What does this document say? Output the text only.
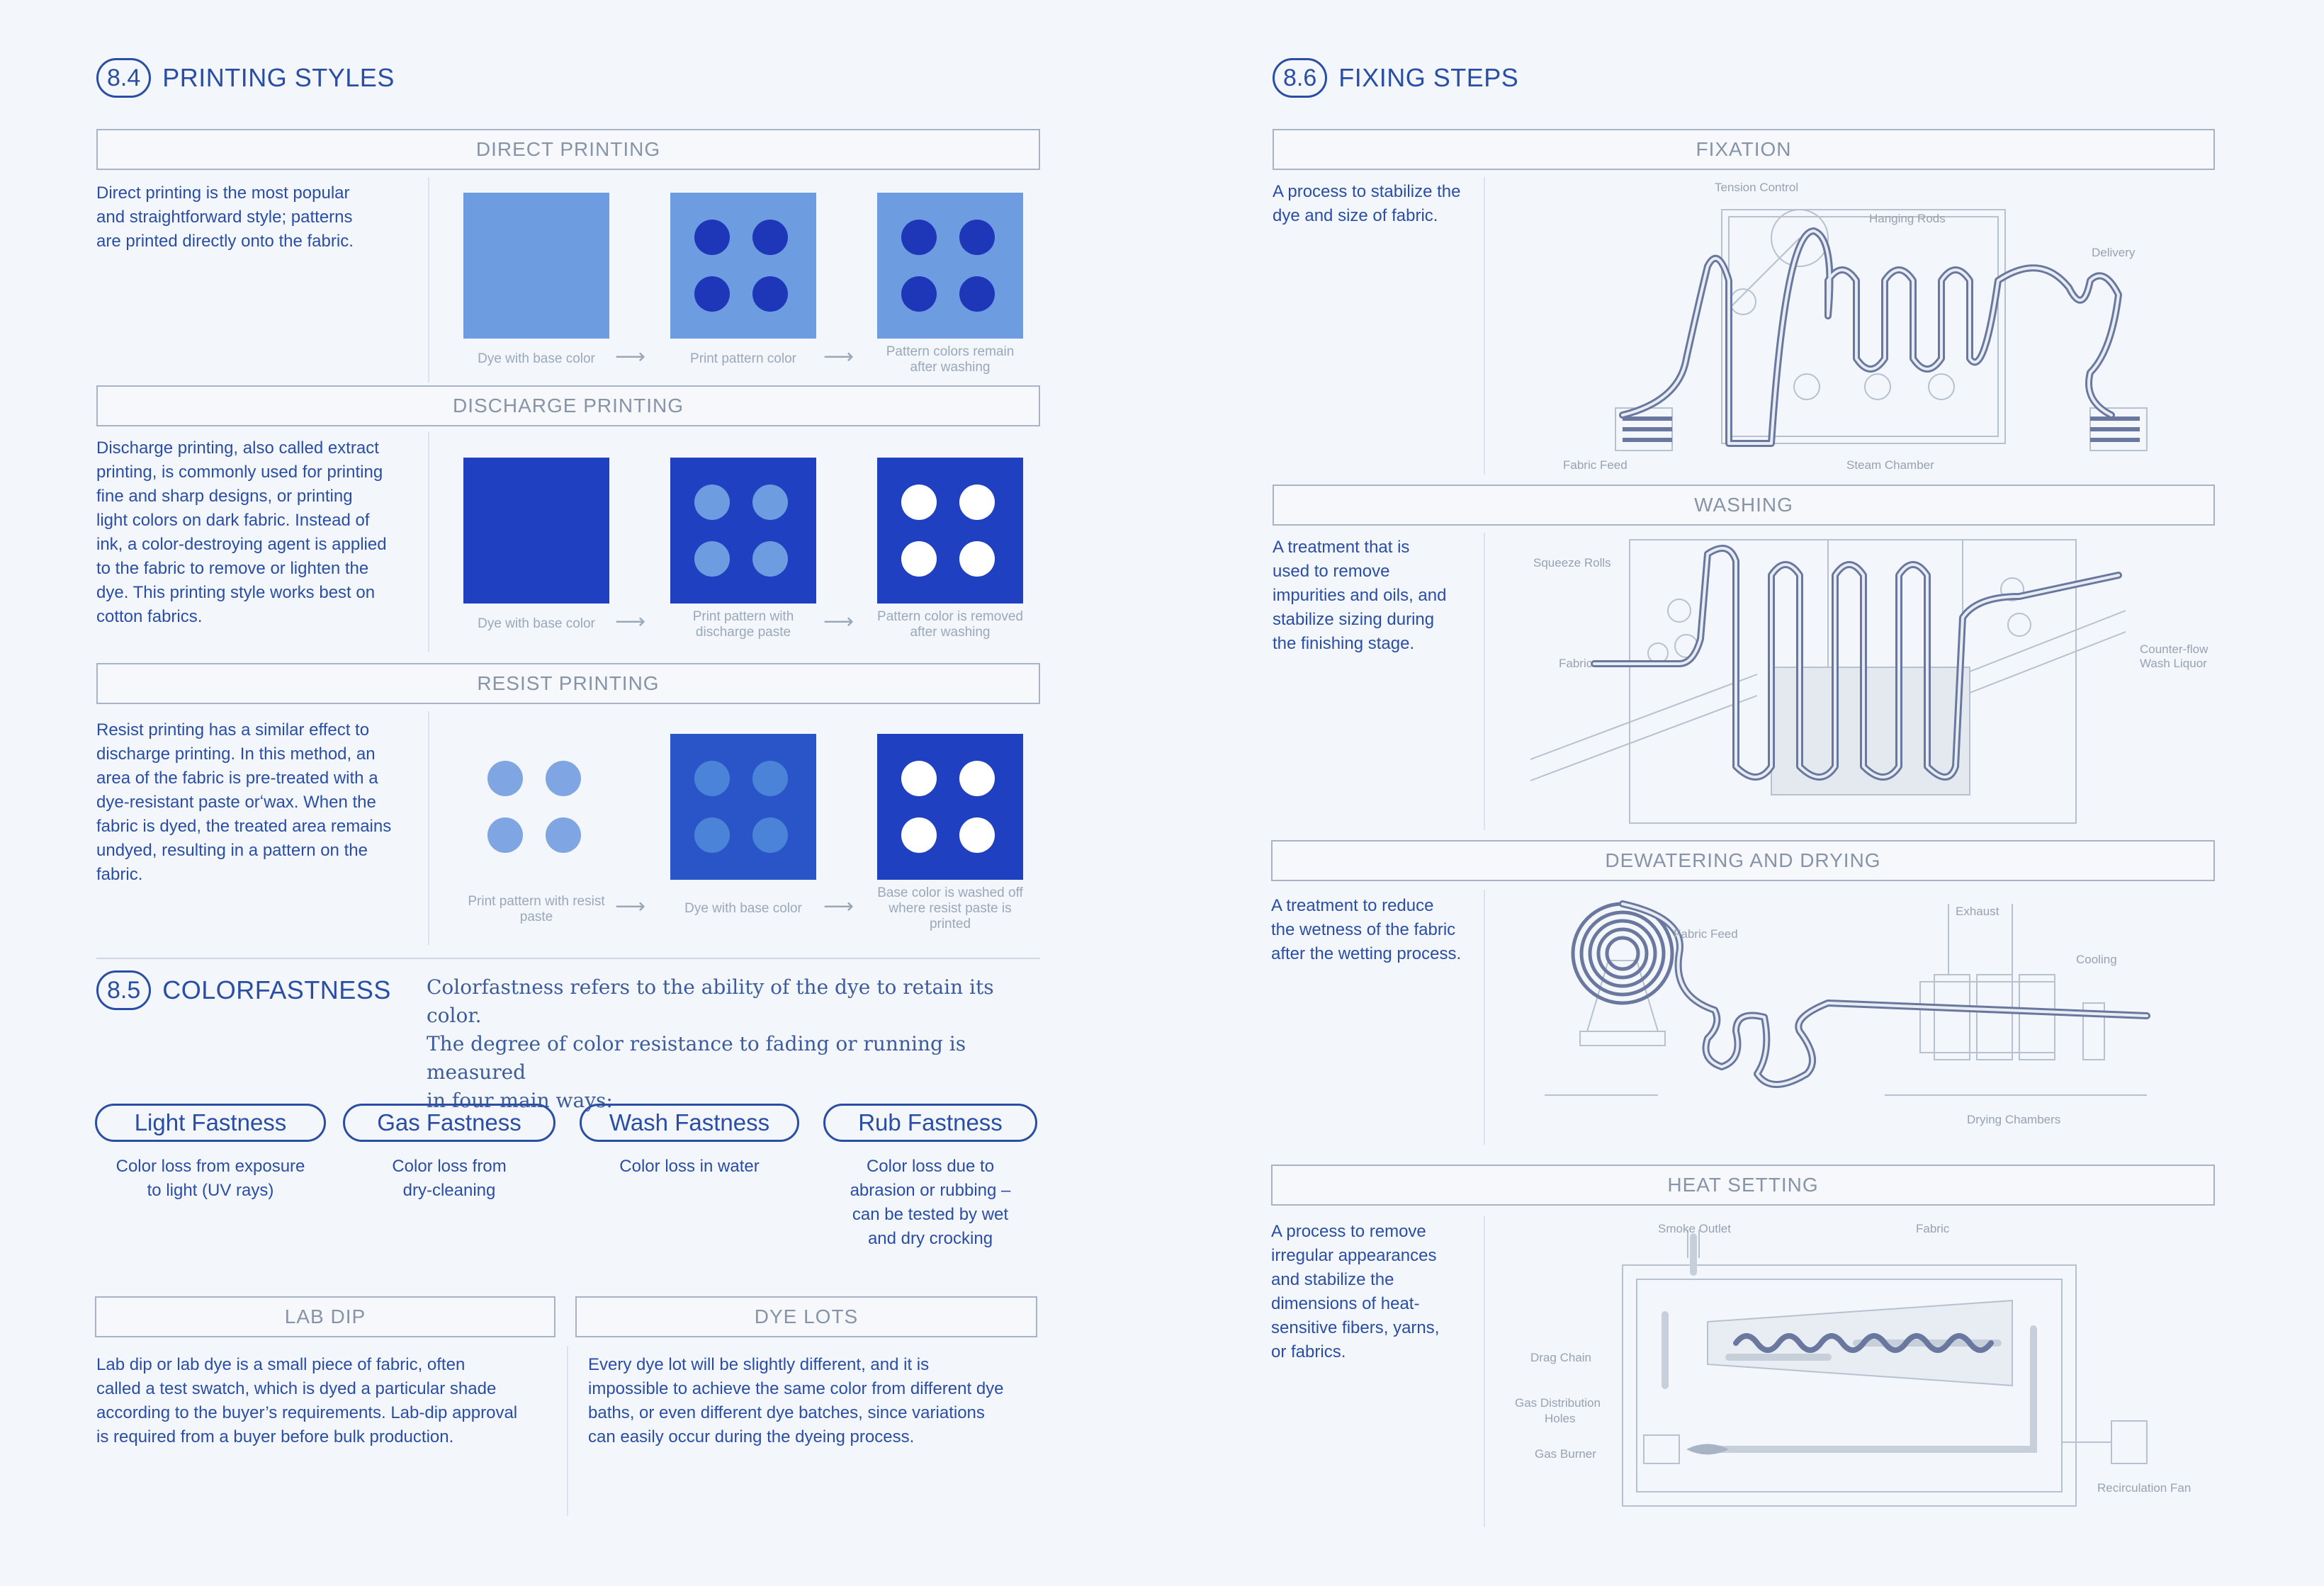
8.4 PRINTING STYLES
DIRECT PRINTING
Direct printing is the most popular
and straightforward style; patterns
are printed directly onto the fabric.
Dye with base color ⟶	Print pattern color	⟶	Pattern colors remain after washing
DISCHARGE PRINTING
Discharge printing, also called extract
printing, is commonly used for printing
fine and sharp designs, or printing
light colors on dark fabric. Instead of
ink, a color-destroying agent is applied
to the fabric to remove or lighten the
dye. This printing style works best on
cotton fabrics.	Dye with base color ⟶	Print pattern with discharge paste	⟶ Pattern color is removed after washing
RESIST PRINTING
Resist printing has a similar effect to
discharge printing. In this method, an
area of the fabric is pre-treated with a
dye-resistant paste orʻwax. When the
fabric is dyed, the treated area remains
undyed, resulting in a pattern on the
fabric.
Print pattern with resist paste	⟶	Dye with base color	⟶
Base color is washed off where resist paste is printed
8.5 COLORFASTNESS Colorfastness refers to the ability of the dye to retain its color.
The degree of color resistance to fading or running is measured
in four main ways:
Light Fastness	Gas Fastness	Wash Fastness	Rub Fastness
Color loss from exposure
to light (UV rays)
Color loss from
dry-cleaning
Color loss in water	Color loss due to
abrasion or rubbing –
can be tested by wet
and dry crocking
LAB DIP	DYE LOTS
Lab dip or lab dye is a small piece of fabric, often
called a test swatch, which is dyed a particular shade
according to the buyer’s requirements. Lab-dip approval
is required from a buyer before bulk production.
Every dye lot will be slightly different, and it is
impossible to achieve the same color from different dye
baths, or even different dye batches, since variations
can easily occur during the dyeing process.
8.6 FIXING STEPS
FIXATION
A process to stabilize the
dye and size of fabric.
Tension Control
Hanging Rods
Delivery
Fabric Feed	Steam Chamber
WASHING
A treatment that is
used to remove
impurities and oils, and
stabilize sizing during
the finishing stage.
Squeeze Rolls
Fabric
Counter-flow
Wash Liquor
DEWATERING AND DRYING
A treatment to reduce
the wetness of the fabric
after the wetting process.
Fabric Feed
Exhaust
Cooling
Drying Chambers
HEAT SETTING
A process to remove
irregular appearances
and stabilize the
dimensions of heat-
sensitive fibers, yarns,
or fabrics.
Smoke Outlet	Fabric
Drag Chain
Gas Distribution
Holes
Gas Burner
Recirculation Fan
